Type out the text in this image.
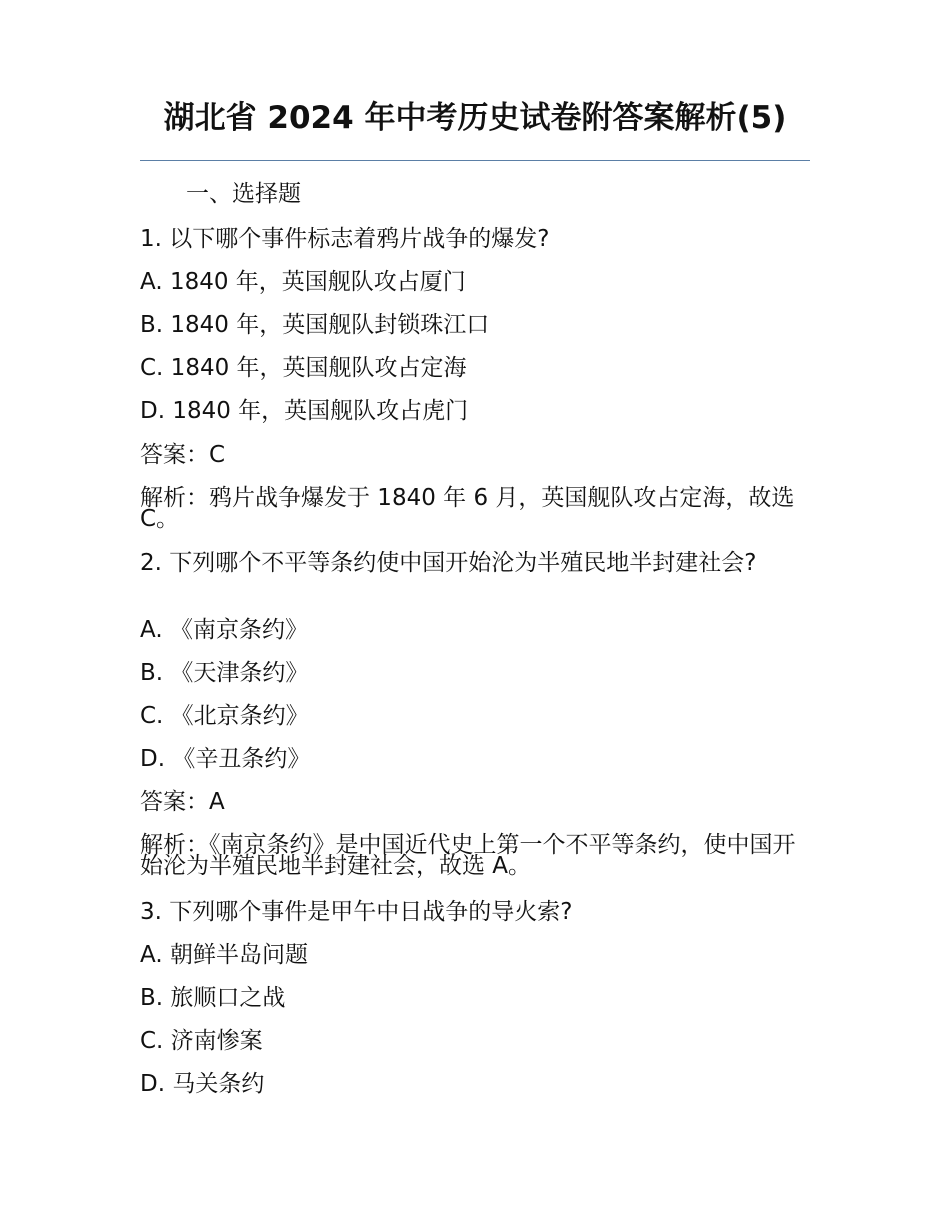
湖北省 2024 年中考历史试卷附答案解析(5)

一、选择题

1. 以下哪个事件标志着鸦片战争的爆发?

A. 1840 年，英国舰队攻占厦门

B. 1840 年，英国舰队封锁珠江口

C. 1840 年，英国舰队攻占定海

D. 1840 年，英国舰队攻占虎门

答案：C

解析：鸦片战争爆发于 1840 年 6 月，英国舰队攻占定海，故选 C。

2. 下列哪个不平等条约使中国开始沦为半殖民地半封建社会?

A. 《南京条约》

B. 《天津条约》

C. 《北京条约》

D. 《辛丑条约》

答案：A

解析：《南京条约》是中国近代史上第一个不平等条约，使中国开始沦为半殖民地半封建社会，故选 A。

3. 下列哪个事件是甲午中日战争的导火索?

A. 朝鲜半岛问题

B. 旅顺口之战

C. 济南惨案

D. 马关条约
